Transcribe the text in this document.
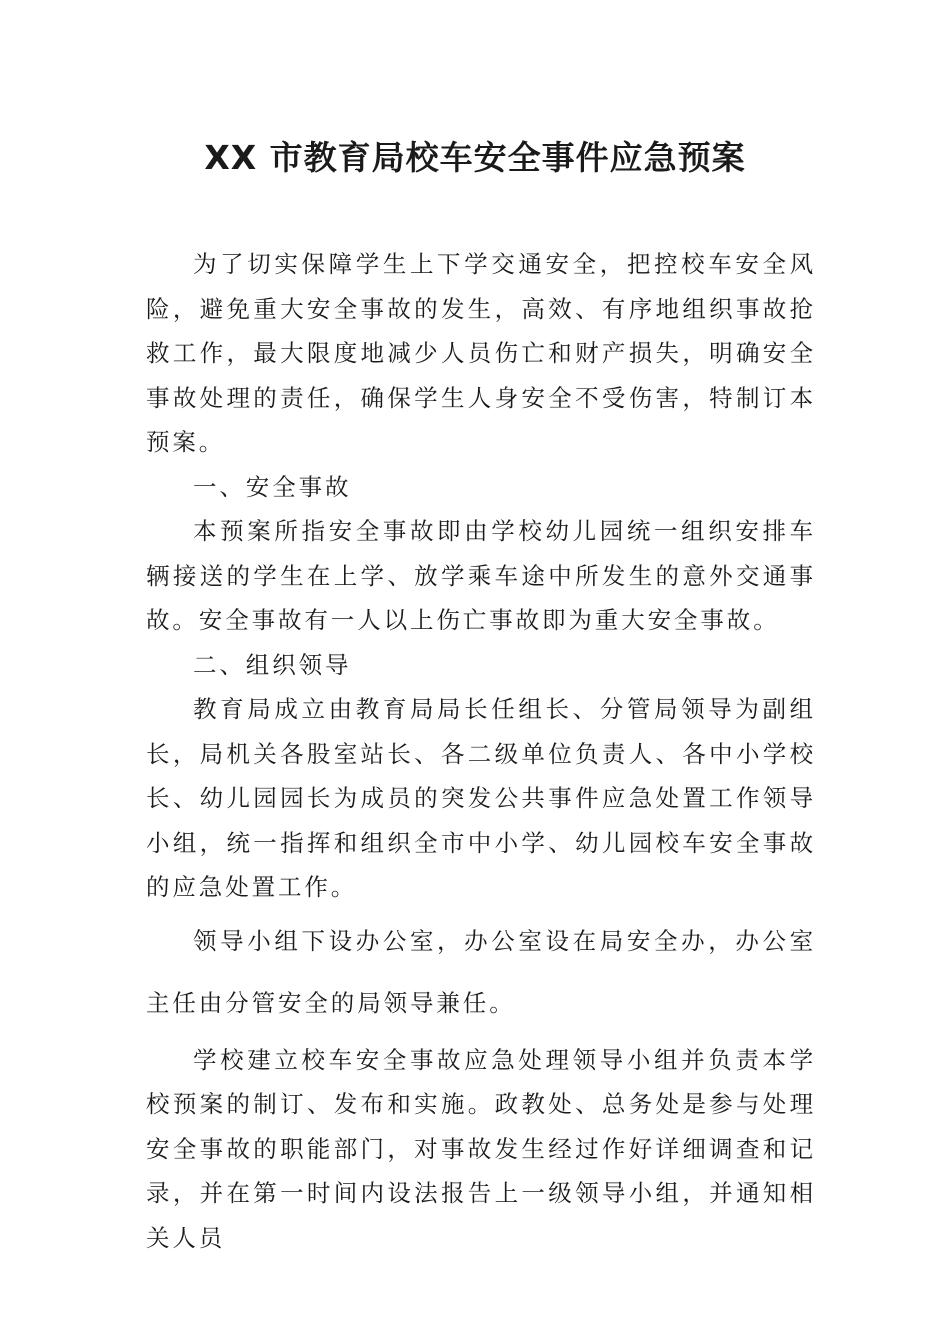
XX 市教育局校车安全事件应急预案

为了切实保障学生上下学交通安全，把控校车安全风险，避免重大安全事故的发生，高效、有序地组织事故抢救工作，最大限度地减少人员伤亡和财产损失，明确安全事故处理的责任，确保学生人身安全不受伤害，特制订本预案。

一、安全事故

本预案所指安全事故即由学校幼儿园统一组织安排车辆接送的学生在上学、放学乘车途中所发生的意外交通事故。安全事故有一人以上伤亡事故即为重大安全事故。

二、组织领导

教育局成立由教育局局长任组长、分管局领导为副组长，局机关各股室站长、各二级单位负责人、各中小学校长、幼儿园园长为成员的突发公共事件应急处置工作领导小组，统一指挥和组织全市中小学、幼儿园校车安全事故的应急处置工作。

领导小组下设办公室，办公室设在局安全办，办公室主任由分管安全的局领导兼任。

学校建立校车安全事故应急处理领导小组并负责本学校预案的制订、发布和实施。政教处、总务处是参与处理安全事故的职能部门，对事故发生经过作好详细调查和记录，并在第一时间内设法报告上一级领导小组，并通知相关人员
